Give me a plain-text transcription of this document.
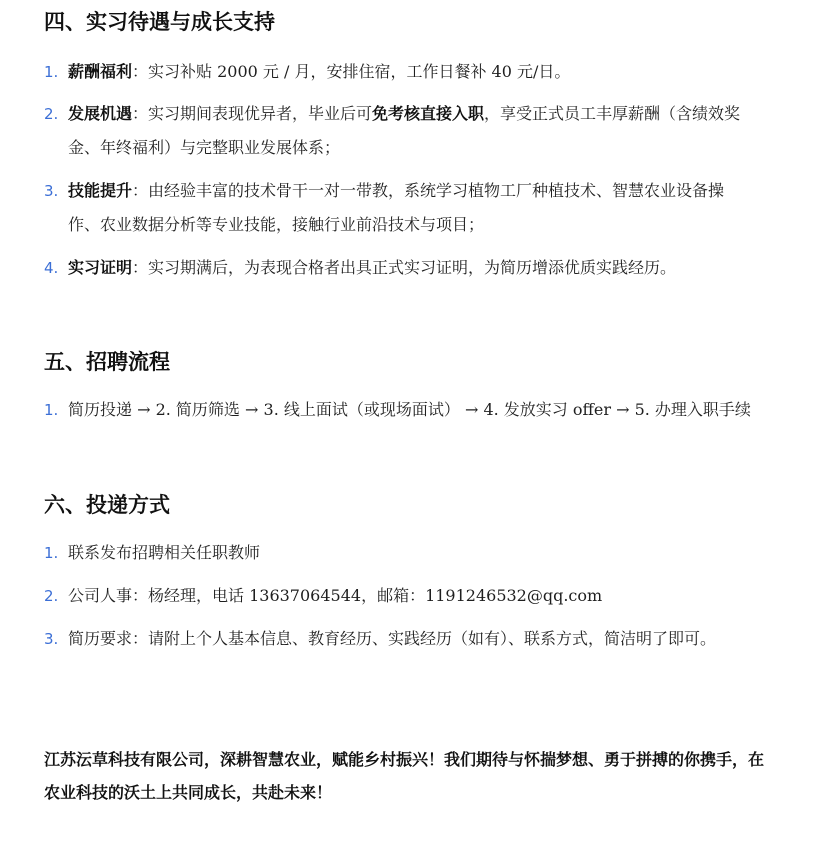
四、实习待遇与成长支持
1. 薪酬福利：实习补贴 2000 元 / 月，安排住宿，工作日餐补 40 元/日。
2. 发展机遇：实习期间表现优异者，毕业后可免考核直接入职，享受正式员工丰厚薪酬（含绩效奖金、年终福利）与完整职业发展体系；
3. 技能提升：由经验丰富的技术骨干一对一带教，系统学习植物工厂种植技术、智慧农业设备操作、农业数据分析等专业技能，接触行业前沿技术与项目；
4. 实习证明：实习期满后，为表现合格者出具正式实习证明，为简历增添优质实践经历。
五、招聘流程
1. 简历投递 → 2. 简历筛选 → 3. 线上面试（或现场面试） → 4. 发放实习 offer → 5. 办理入职手续
六、投递方式
1. 联系发布招聘相关任职教师
2. 公司人事：杨经理，电话 13637064544，邮箱：1191246532@qq.com
3. 简历要求：请附上个人基本信息、教育经历、实践经历（如有）、联系方式，简洁明了即可。

江苏沄草科技有限公司，深耕智慧农业，赋能乡村振兴！我们期待与怀揣梦想、勇于拼搏的你携手，在农业科技的沃土上共同成长，共赴未来！
